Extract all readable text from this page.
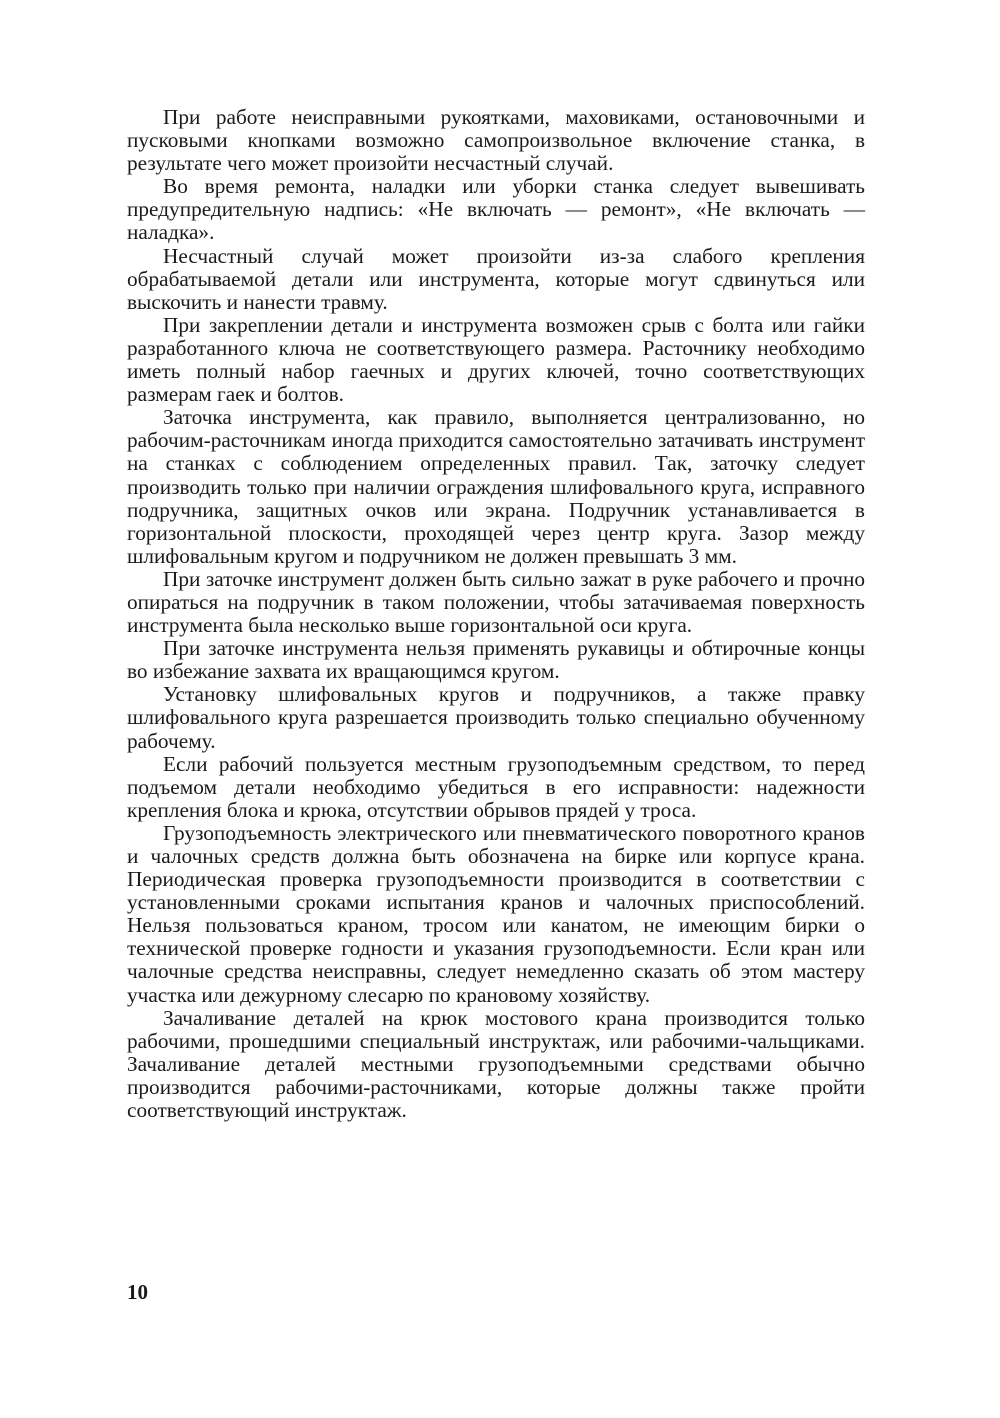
При работе неисправными рукоятками, маховиками, остановочными и пусковыми кнопками возможно самопроизвольное включение станка, в результате чего может произойти несчастный случай.

Во время ремонта, наладки или уборки станка следует вывешивать предупредительную надпись: «Не включать — ремонт», «Не включать — наладка».

Несчастный случай может произойти из-за слабого крепления обрабатываемой детали или инструмента, которые могут сдвинуться или выскочить и нанести травму.

При закреплении детали и инструмента возможен срыв с болта или гайки разработанного ключа не соответствующего размера. Расточнику необходимо иметь полный набор гаечных и других ключей, точно соответствующих размерам гаек и болтов.

Заточка инструмента, как правило, выполняется централизованно, но рабочим-расточникам иногда приходится самостоятельно затачивать инструмент на станках с соблюдением определенных правил. Так, заточку следует производить только при наличии ограждения шлифовального круга, исправного подручника, защитных очков или экрана. Подручник устанавливается в горизонтальной плоскости, проходящей через центр круга. Зазор между шлифовальным кругом и подручником не должен превышать 3 мм.

При заточке инструмент должен быть сильно зажат в руке рабочего и прочно опираться на подручник в таком положении, чтобы затачиваемая поверхность инструмента была несколько выше горизонтальной оси круга.

При заточке инструмента нельзя применять рукавицы и обтирочные концы во избежание захвата их вращающимся кругом.

Установку шлифовальных кругов и подручников, а также правку шлифовального круга разрешается производить только специально обученному рабочему.

Если рабочий пользуется местным грузоподъемным средством, то перед подъемом детали необходимо убедиться в его исправности: надежности крепления блока и крюка, отсутствии обрывов прядей у троса.

Грузоподъемность электрического или пневматического поворотного кранов и чалочных средств должна быть обозначена на бирке или корпусе крана. Периодическая проверка грузоподъемности производится в соответствии с установленными сроками испытания кранов и чалочных приспособлений. Нельзя пользоваться краном, тросом или канатом, не имеющим бирки о технической проверке годности и указания грузоподъемности. Если кран или чалочные средства неисправны, следует немедленно сказать об этом мастеру участка или дежурному слесарю по крановому хозяйству.

Зачаливание деталей на крюк мостового крана производится только рабочими, прошедшими специальный инструктаж, или рабочими-чальщиками. Зачаливание деталей местными грузоподъемными средствами обычно производится рабочими-расточниками, которые должны также пройти соответствующий инструктаж.

10
